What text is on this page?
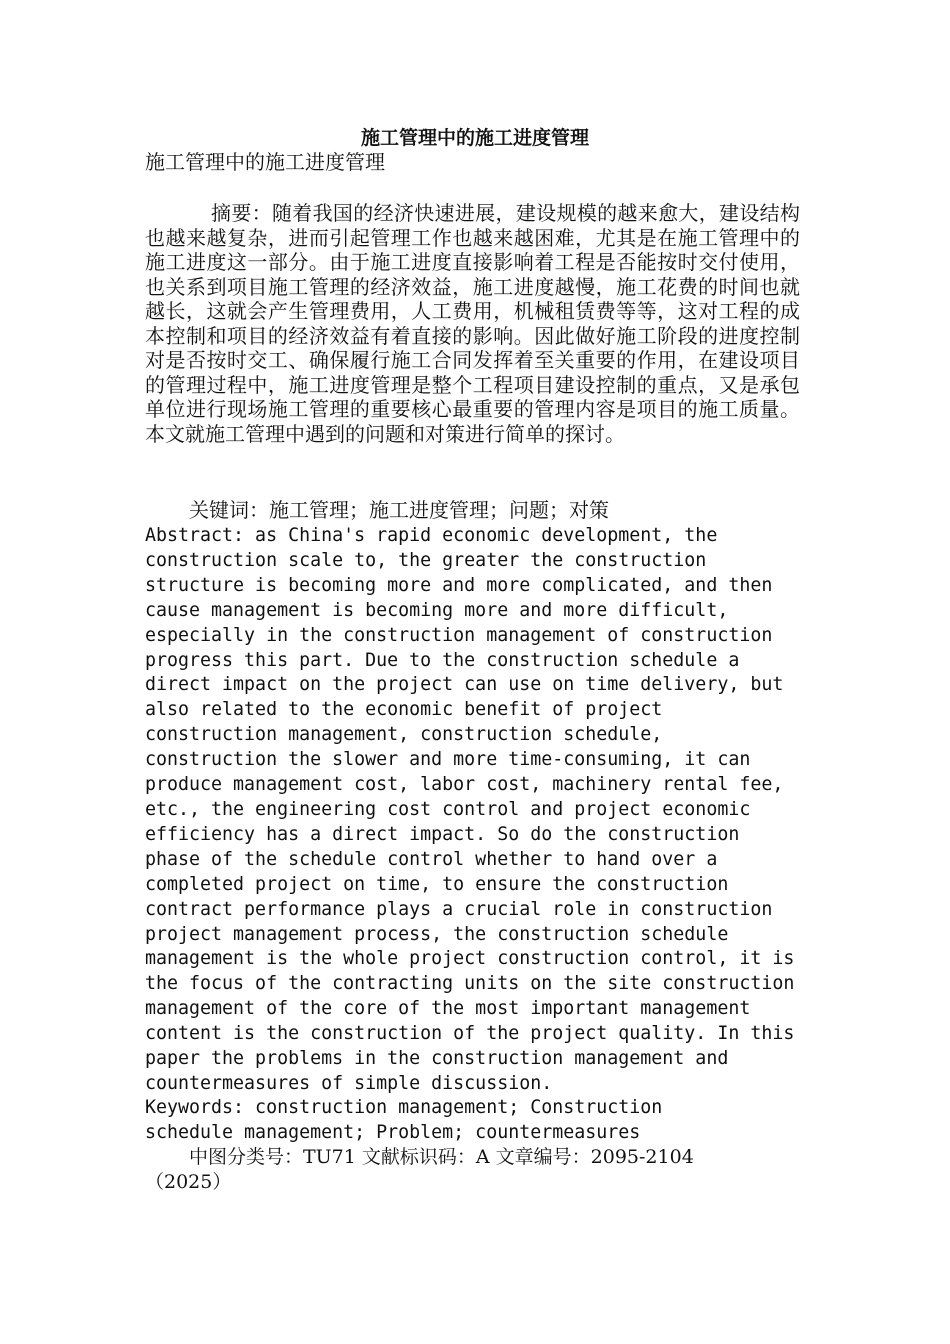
施工管理中的施工进度管理

施工管理中的施工进度管理

摘要：随着我国的经济快速进展，建设规模的越来愈大，建设结构也越来越复杂，进而引起管理工作也越来越困难，尤其是在施工管理中的施工进度这一部分。由于施工进度直接影响着工程是否能按时交付使用，也关系到项目施工管理的经济效益，施工进度越慢，施工花费的时间也就越长，这就会产生管理费用，人工费用，机械租赁费等等，这对工程的成本控制和项目的经济效益有着直接的影响。因此做好施工阶段的进度控制对是否按时交工、确保履行施工合同发挥着至关重要的作用，在建设项目的管理过程中，施工进度管理是整个工程项目建设控制的重点，又是承包单位进行现场施工管理的重要核心最重要的管理内容是项目的施工质量。本文就施工管理中遇到的问题和对策进行简单的探讨。

关键词：施工管理；施工进度管理；问题；对策

Abstract: as China's rapid economic development, the
construction scale to, the greater the construction
structure is becoming more and more complicated, and then
cause management is becoming more and more difficult,
especially in the construction management of construction
progress this part. Due to the construction schedule a
direct impact on the project can use on time delivery, but
also related to the economic benefit of project
construction management, construction schedule,
construction the slower and more time-consuming, it can
produce management cost, labor cost, machinery rental fee,
etc., the engineering cost control and project economic
efficiency has a direct impact. So do the construction
phase of the schedule control whether to hand over a
completed project on time, to ensure the construction
contract performance plays a crucial role in construction
project management process, the construction schedule
management is the whole project construction control, it is
the focus of the contracting units on the site construction
management of the core of the most important management
content is the construction of the project quality. In this
paper the problems in the construction management and
countermeasures of simple discussion.

Keywords: construction management; Construction
schedule management; Problem; countermeasures

中图分类号：TU71 文献标识码：A 文章编号：2095-2104（2025）
